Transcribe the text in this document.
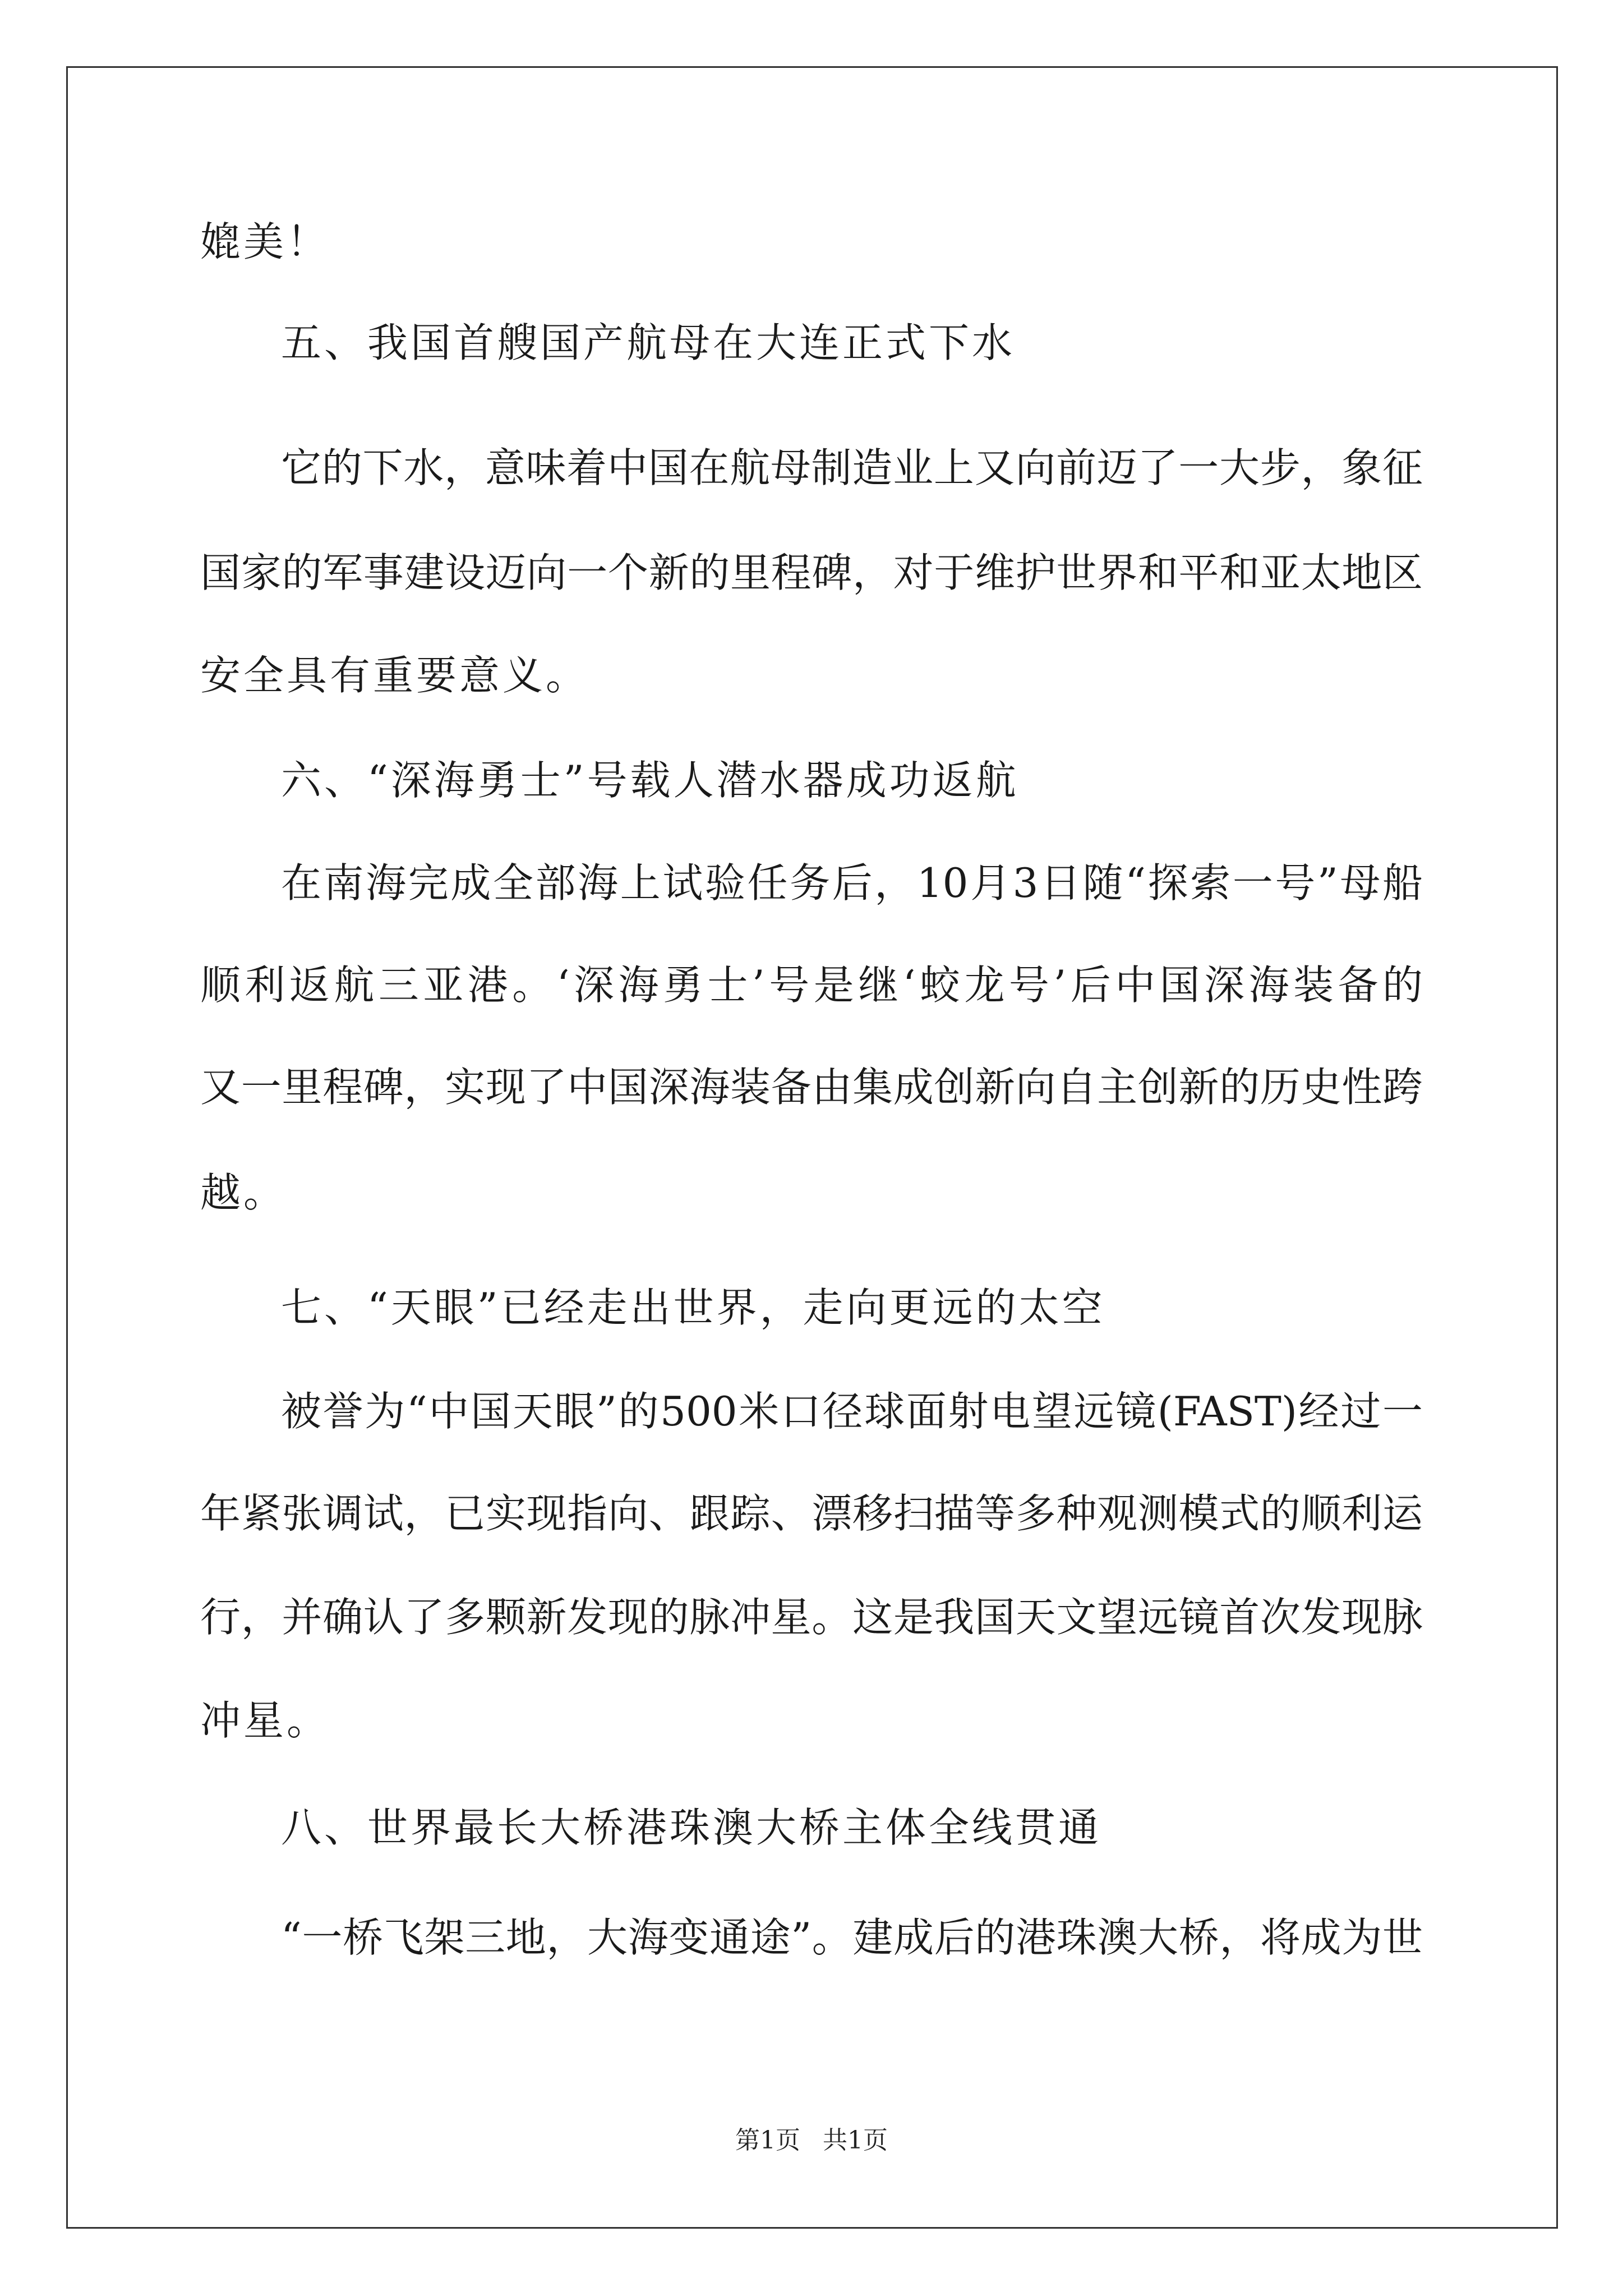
媲美！
五、我国首艘国产航母在大连正式下水
它的下水，意味着中国在航母制造业上又向前迈了一大步，象征
国家的军事建设迈向一个新的里程碑，对于维护世界和平和亚太地区
安全具有重要意义。
六、“深海勇士”号载人潜水器成功返航
在南海完成全部海上试验任务后，10月3日随“探索一号”母船
顺利返航三亚港。‘深海勇士’号是继‘蛟龙号’后中国深海装备的
又一里程碑，实现了中国深海装备由集成创新向自主创新的历史性跨
越。
七、“天眼”已经走出世界，走向更远的太空
被誉为“中国天眼”的500米口径球面射电望远镜(FAST)经过一
年紧张调试，已实现指向、跟踪、漂移扫描等多种观测模式的顺利运
行，并确认了多颗新发现的脉冲星。这是我国天文望远镜首次发现脉
冲星。
八、世界最长大桥港珠澳大桥主体全线贯通
“一桥飞架三地，大海变通途”。建成后的港珠澳大桥，将成为世
第1页 共1页
